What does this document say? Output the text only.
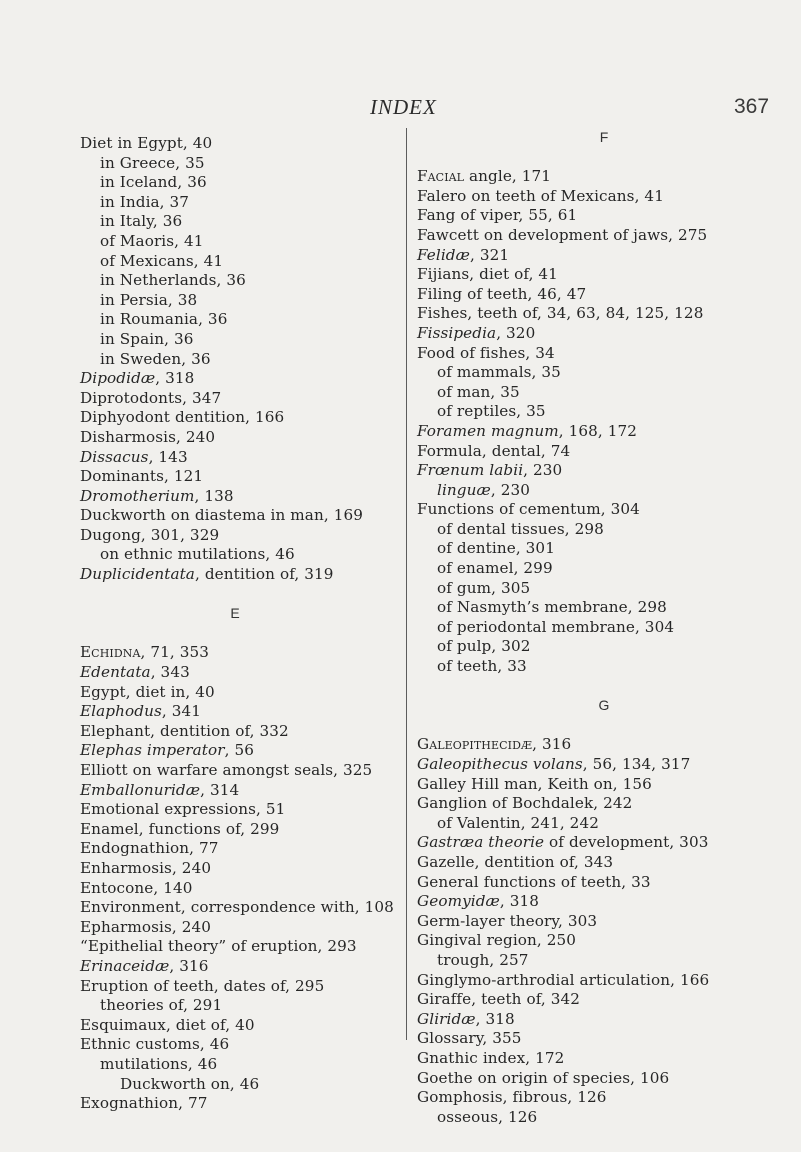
INDEX	367
Diet in Egypt, 40
in Greece, 35
in Iceland, 36
in India, 37
in Italy, 36
of Maoris, 41
of Mexicans, 41
in Netherlands, 36
in Persia, 38
in Roumania, 36
in Spain, 36
in Sweden, 36
Dipodidæ, 318
Diprotodonts, 347
Diphyodont dentition, 166
Disharmosis, 240
Dissacus, 143
Dominants, 121
Dromotherium, 138
Duckworth on diastema in man, 169
Dugong, 301, 329
on ethnic mutilations, 46
Duplicidentata, dentition of, 319
E
Echidna, 71, 353
Edentata, 343
Egypt, diet in, 40
Elaphodus, 341
Elephant, dentition of, 332
Elephas imperator, 56
Elliott on warfare amongst seals, 325
Emballonuridæ, 314
Emotional expressions, 51
Enamel, functions of, 299
Endognathion, 77
Enharmosis, 240
Entocone, 140
Environment, correspondence with, 108
Epharmosis, 240
“Epithelial theory” of eruption, 293
Erinaceidæ, 316
Eruption of teeth, dates of, 295
theories of, 291
Esquimaux, diet of, 40
Ethnic customs, 46
mutilations, 46
Duckworth on, 46
Exognathion, 77
F
Facial angle, 171
Falero on teeth of Mexicans, 41
Fang of viper, 55, 61
Fawcett on development of jaws, 275
Felidæ, 321
Fijians, diet of, 41
Filing of teeth, 46, 47
Fishes, teeth of, 34, 63, 84, 125, 128
Fissipedia, 320
Food of fishes, 34
of mammals, 35
of man, 35
of reptiles, 35
Foramen magnum, 168, 172
Formula, dental, 74
Frœnum labii, 230
linguæ, 230
Functions of cementum, 304
of dental tissues, 298
of dentine, 301
of enamel, 299
of gum, 305
of Nasmyth’s membrane, 298
of periodontal membrane, 304
of pulp, 302
of teeth, 33
G
Galeopithecidæ, 316
Galeopithecus volans, 56, 134, 317
Galley Hill man, Keith on, 156
Ganglion of Bochdalek, 242
of Valentin, 241, 242
Gastræa theorie of development, 303
Gazelle, dentition of, 343
General functions of teeth, 33
Geomyidæ, 318
Germ-layer theory, 303
Gingival region, 250
trough, 257
Ginglymo-arthrodial articulation, 166
Giraffe, teeth of, 342
Gliridæ, 318
Glossary, 355
Gnathic index, 172
Goethe on origin of species, 106
Gomphosis, fibrous, 126
osseous, 126
